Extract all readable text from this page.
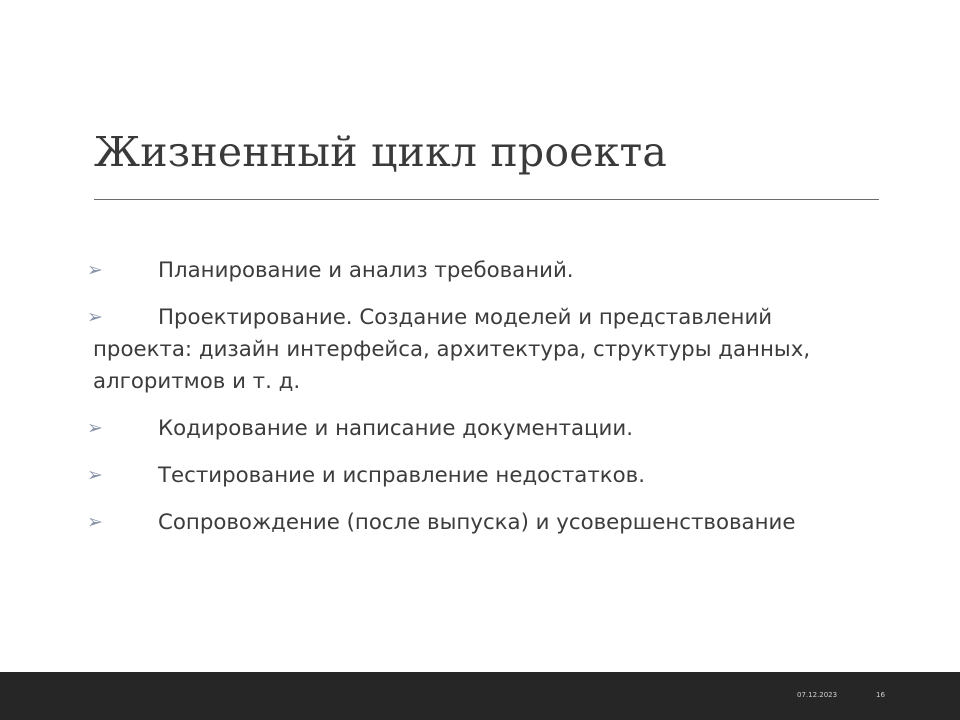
Жизненный цикл проекта
➢	Планирование и анализ требований.
➢	Проектирование. Создание моделей и представлений
проекта: дизайн интерфейса, архитектура, структуры данных,
алгоритмов и т. д.
➢	Кодирование и написание документации.
➢	Тестирование и исправление недостатков.
➢	Сопровождение (после выпуска) и усовершенствование
07.12.2023	16
